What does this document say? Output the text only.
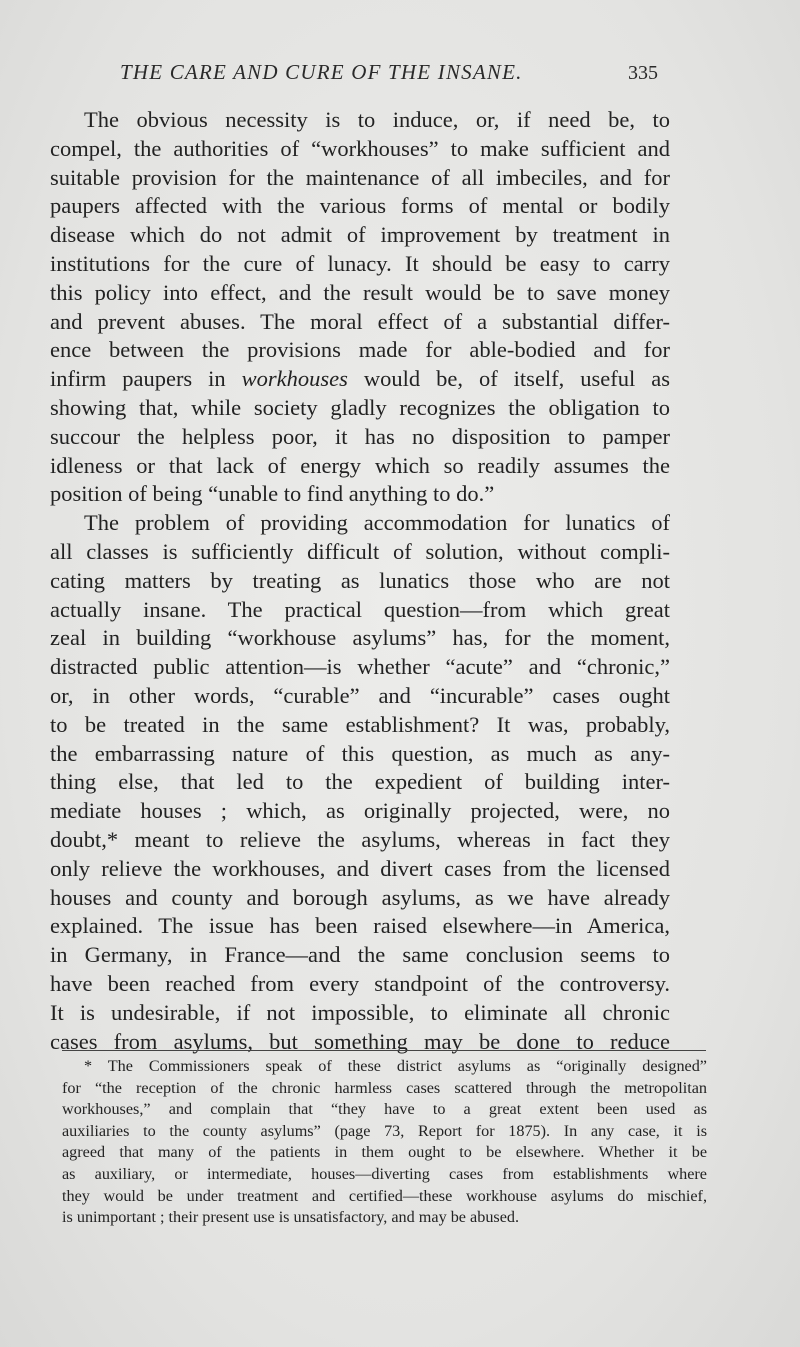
THE CARE AND CURE OF THE INSANE.	335
The obvious necessity is to induce, or, if need be, to
compel, the authorities of “workhouses” to make sufficient and
suitable provision for the maintenance of all imbeciles, and for
paupers affected with the various forms of mental or bodily
disease which do not admit of improvement by treatment in
institutions for the cure of lunacy. It should be easy to carry
this policy into effect, and the result would be to save money
and prevent abuses. The moral effect of a substantial differ-
ence between the provisions made for able-bodied and for
infirm paupers in workhouses would be, of itself, useful as
showing that, while society gladly recognizes the obligation to
succour the helpless poor, it has no disposition to pamper
idleness or that lack of energy which so readily assumes the
position of being “unable to find anything to do.”
The problem of providing accommodation for lunatics of
all classes is sufficiently difficult of solution, without compli-
cating matters by treating as lunatics those who are not
actually insane. The practical question—from which great
zeal in building “workhouse asylums” has, for the moment,
distracted public attention—is whether “acute” and “chronic,”
or, in other words, “curable” and “incurable” cases ought
to be treated in the same establishment? It was, probably,
the embarrassing nature of this question, as much as any-
thing else, that led to the expedient of building inter-
mediate houses ; which, as originally projected, were, no
doubt,* meant to relieve the asylums, whereas in fact they
only relieve the workhouses, and divert cases from the licensed
houses and county and borough asylums, as we have already
explained. The issue has been raised elsewhere—in America,
in Germany, in France—and the same conclusion seems to
have been reached from every standpoint of the controversy.
It is undesirable, if not impossible, to eliminate all chronic
cases from asylums, but something may be done to reduce
* The Commissioners speak of these district asylums as “originally designed”
for “the reception of the chronic harmless cases scattered through the metropolitan
workhouses,” and complain that “they have to a great extent been used as
auxiliaries to the county asylums” (page 73, Report for 1875). In any case, it is
agreed that many of the patients in them ought to be elsewhere. Whether it be
as auxiliary, or intermediate, houses—diverting cases from establishments where
they would be under treatment and certified—these workhouse asylums do mischief,
is unimportant ; their present use is unsatisfactory, and may be abused.
